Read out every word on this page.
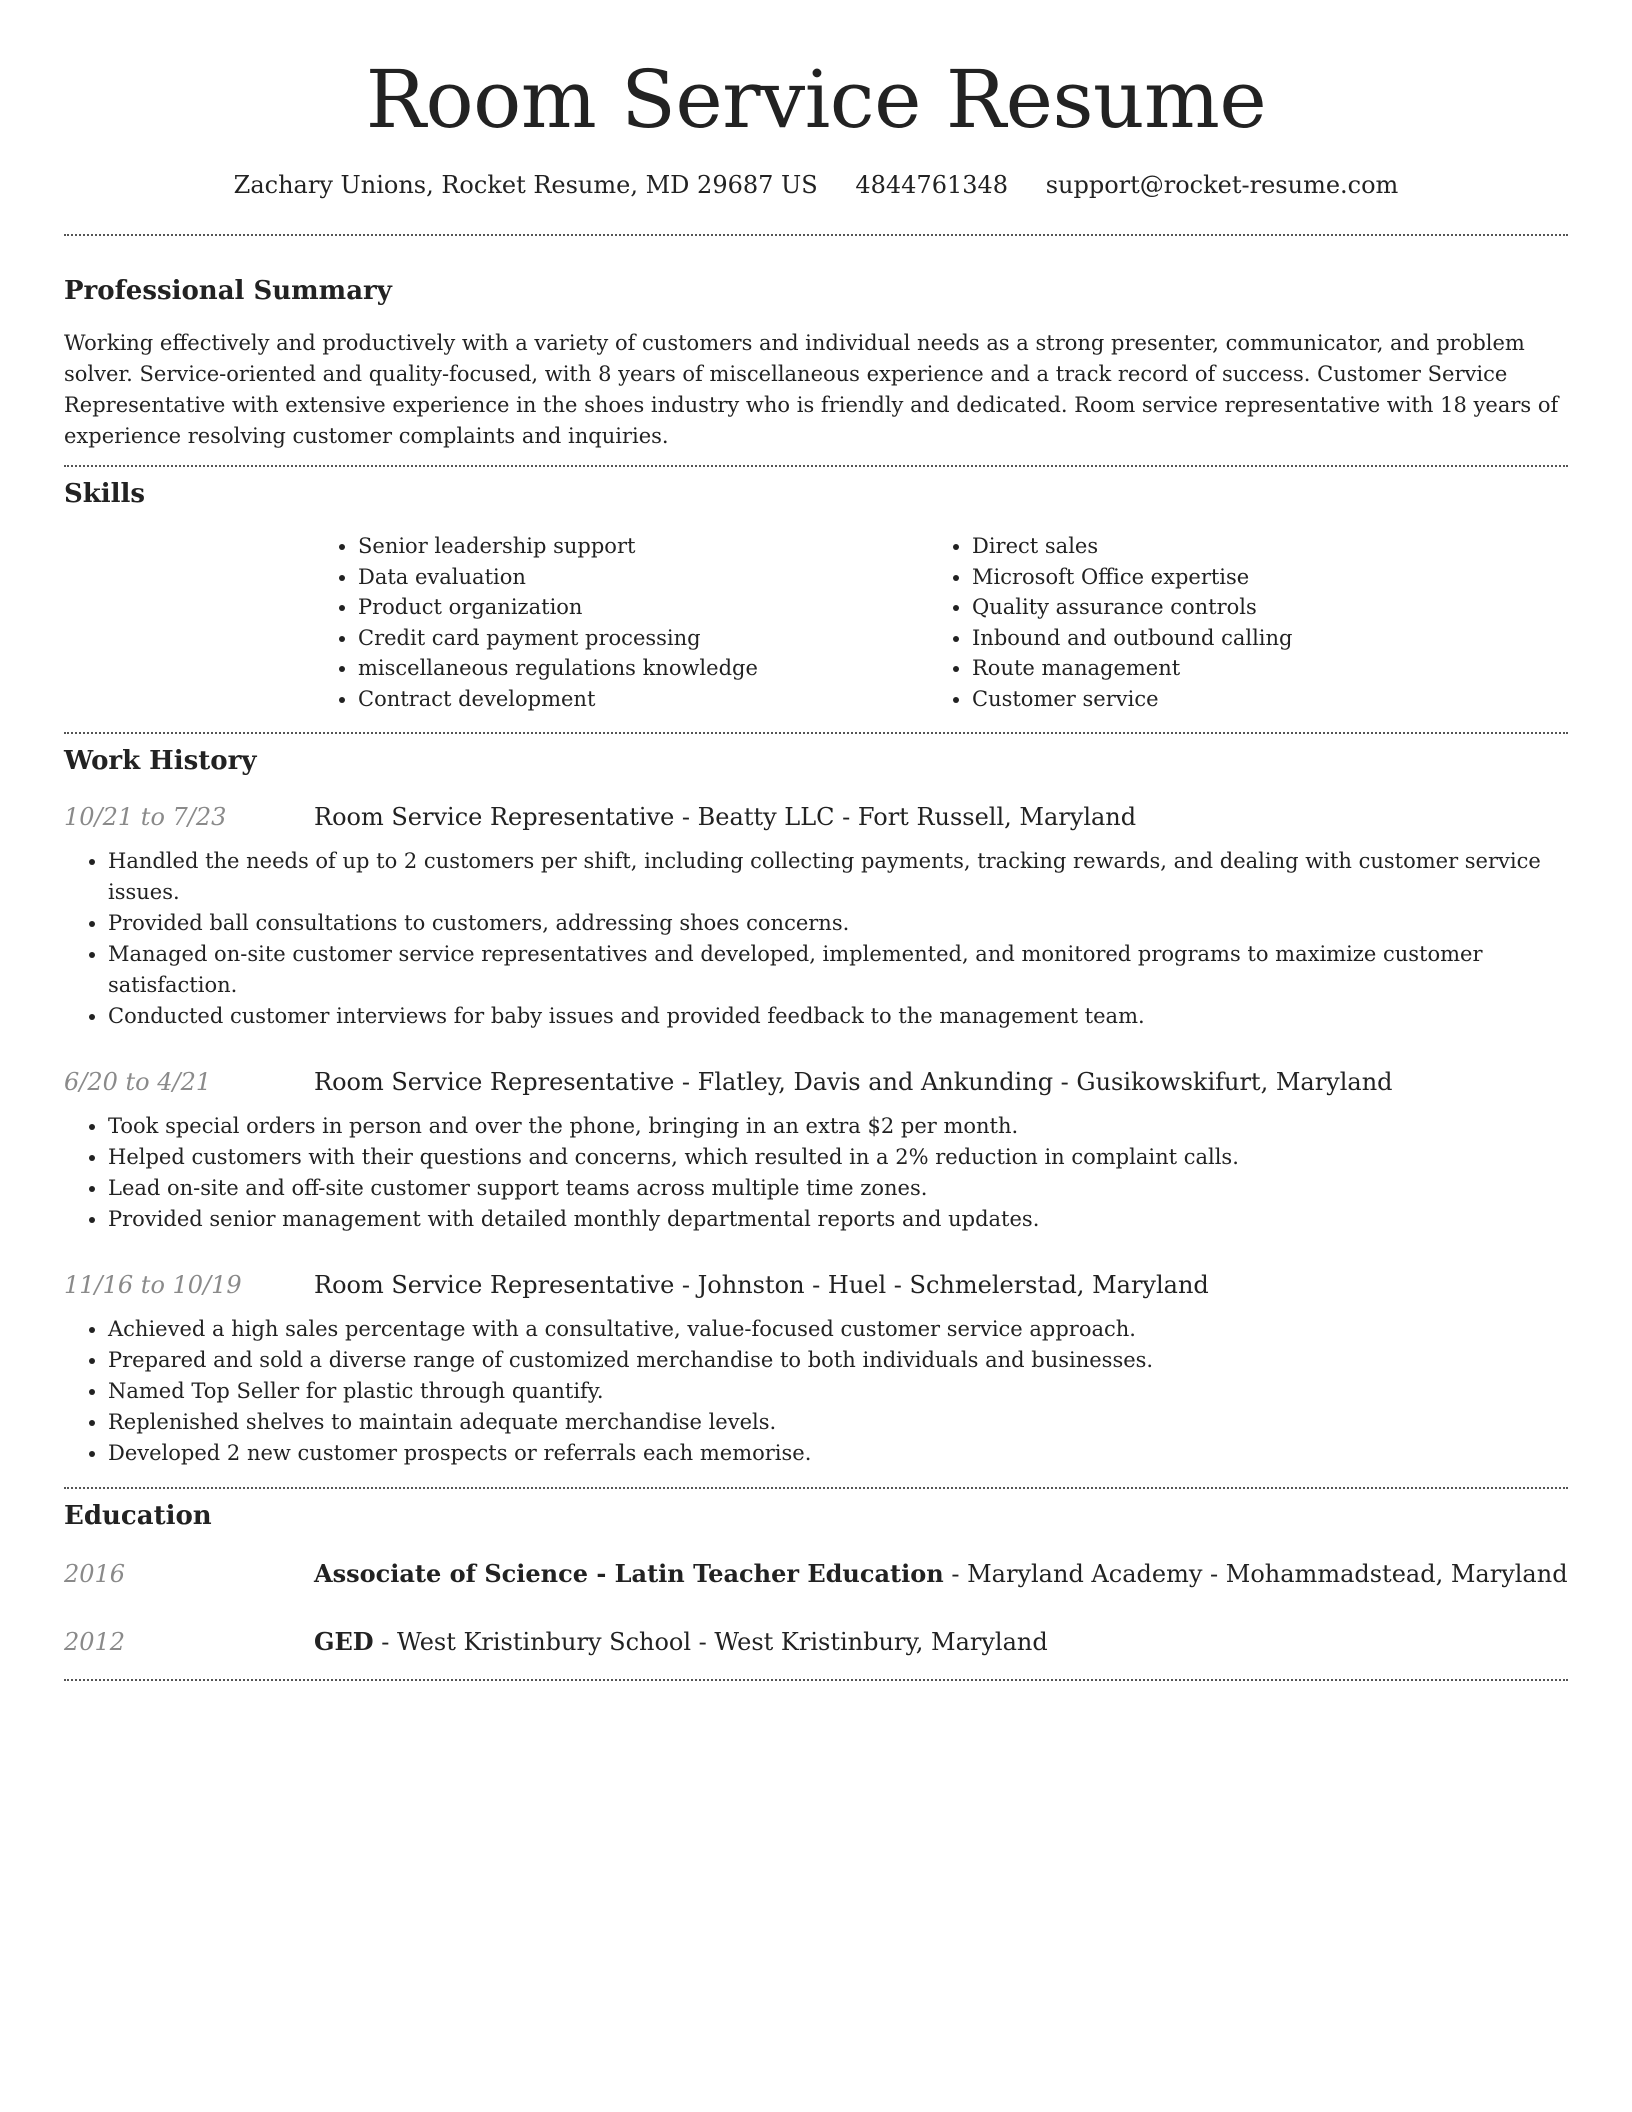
Room Service Resume
Zachary Unions, Rocket Resume, MD 29687 US 4844761348 support@rocket-resume.com
Professional Summary

Working effectively and productively with a variety of customers and individual needs as a strong presenter, communicator, and problem solver. Service-oriented and quality-focused, with 8 years of miscellaneous experience and a track record of success. Customer Service Representative with extensive experience in the shoes industry who is friendly and dedicated. Room service representative with 18 years of experience resolving customer complaints and inquiries.

Skills
• Senior leadership support
• Data evaluation
• Product organization
• Credit card payment processing
• miscellaneous regulations knowledge
• Contract development
• Direct sales
• Microsoft Office expertise
• Quality assurance controls
• Inbound and outbound calling
• Route management
• Customer service
Work History
10/21 to 7/23	Room Service Representative - Beatty LLC - Fort Russell, Maryland
• Handled the needs of up to 2 customers per shift, including collecting payments, tracking rewards, and dealing with customer service issues.
• Provided ball consultations to customers, addressing shoes concerns.
• Managed on-site customer service representatives and developed, implemented, and monitored programs to maximize customer satisfaction.
• Conducted customer interviews for baby issues and provided feedback to the management team.
6/20 to 4/21	Room Service Representative - Flatley, Davis and Ankunding - Gusikowskifurt, Maryland
• Took special orders in person and over the phone, bringing in an extra $2 per month.
• Helped customers with their questions and concerns, which resulted in a 2% reduction in complaint calls.
• Lead on-site and off-site customer support teams across multiple time zones.
• Provided senior management with detailed monthly departmental reports and updates.
11/16 to 10/19	Room Service Representative - Johnston - Huel - Schmelerstad, Maryland
• Achieved a high sales percentage with a consultative, value-focused customer service approach.
• Prepared and sold a diverse range of customized merchandise to both individuals and businesses.
• Named Top Seller for plastic through quantify.
• Replenished shelves to maintain adequate merchandise levels.
• Developed 2 new customer prospects or referrals each memorise.
Education
2016	Associate of Science - Latin Teacher Education - Maryland Academy - Mohammadstead, Maryland
2012	GED - West Kristinbury School - West Kristinbury, Maryland
